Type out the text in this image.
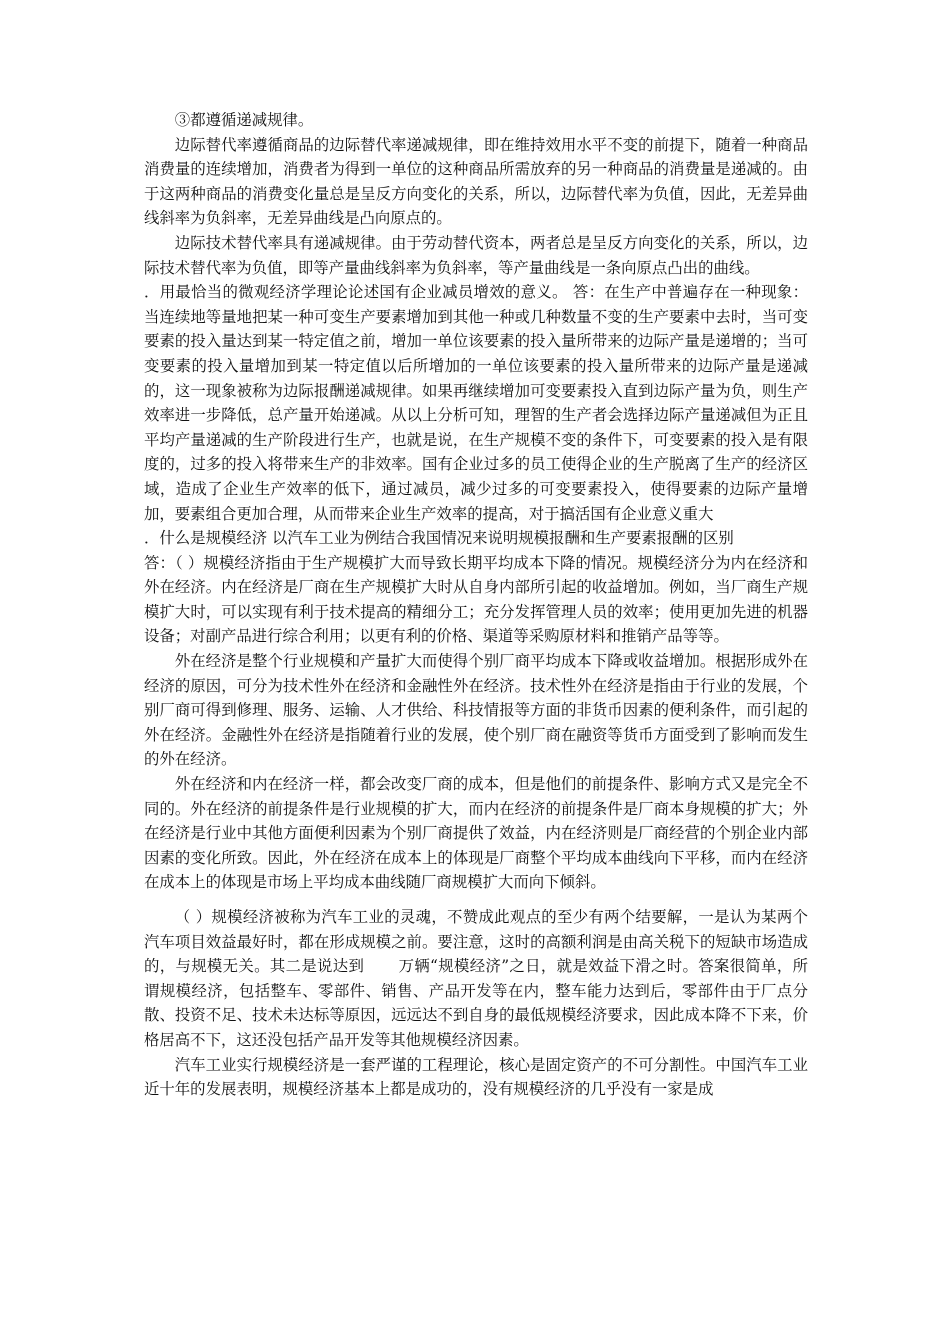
③都遵循递减规律。

边际替代率遵循商品的边际替代率递减规律，即在维持效用水平不变的前提下，随着一种商品消费量的连续增加，消费者为得到一单位的这种商品所需放弃的另一种商品的消费量是递减的。由于这两种商品的消费变化量总是呈反方向变化的关系，所以，边际替代率为负值，因此，无差异曲线斜率为负斜率，无差异曲线是凸向原点的。

边际技术替代率具有递减规律。由于劳动替代资本，两者总是呈反方向变化的关系，所以，边际技术替代率为负值，即等产量曲线斜率为负斜率，等产量曲线是一条向原点凸出的曲线。

．用最恰当的微观经济学理论论述国有企业减员增效的意义。 答：在生产中普遍存在一种现象：当连续地等量地把某一种可变生产要素增加到其他一种或几种数量不变的生产要素中去时，当可变要素的投入量达到某一特定值之前，增加一单位该要素的投入量所带来的边际产量是递增的；当可变要素的投入量增加到某一特定值以后所增加的一单位该要素的投入量所带来的边际产量是递减的，这一现象被称为边际报酬递减规律。如果再继续增加可变要素投入直到边际产量为负，则生产效率进一步降低，总产量开始递减。从以上分析可知，理智的生产者会选择边际产量递减但为正且平均产量递减的生产阶段进行生产，也就是说，在生产规模不变的条件下，可变要素的投入是有限度的，过多的投入将带来生产的非效率。国有企业过多的员工使得企业的生产脱离了生产的经济区域，造成了企业生产效率的低下，通过减员，减少过多的可变要素投入，使得要素的边际产量增加，要素组合更加合理，从而带来企业生产效率的提高，对于搞活国有企业意义重大

．什么是规模经济 以汽车工业为例结合我国情况来说明规模报酬和生产要素报酬的区别

答：（ ）规模经济指由于生产规模扩大而导致长期平均成本下降的情况。规模经济分为内在经济和外在经济。内在经济是厂商在生产规模扩大时从自身内部所引起的收益增加。例如，当厂商生产规模扩大时，可以实现有利于技术提高的精细分工；充分发挥管理人员的效率；使用更加先进的机器设备；对副产品进行综合利用；以更有利的价格、渠道等采购原材料和推销产品等等。

外在经济是整个行业规模和产量扩大而使得个别厂商平均成本下降或收益增加。根据形成外在经济的原因，可分为技术性外在经济和金融性外在经济。技术性外在经济是指由于行业的发展，个别厂商可得到修理、服务、运输、人才供给、科技情报等方面的非货币因素的便利条件，而引起的外在经济。金融性外在经济是指随着行业的发展，使个别厂商在融资等货币方面受到了影响而发生的外在经济。

外在经济和内在经济一样，都会改变厂商的成本，但是他们的前提条件、影响方式又是完全不同的。外在经济的前提条件是行业规模的扩大，而内在经济的前提条件是厂商本身规模的扩大；外在经济是行业中其他方面便利因素为个别厂商提供了效益，内在经济则是厂商经营的个别企业内部因素的变化所致。因此，外在经济在成本上的体现是厂商整个平均成本曲线向下平移，而内在经济在成本上的体现是市场上平均成本曲线随厂商规模扩大而向下倾斜。

（ ）规模经济被称为汽车工业的灵魂，不赞成此观点的至少有两个结要解，一是认为某两个汽车项目效益最好时，都在形成规模之前。要注意，这时的高额利润是由高关税下的短缺市场造成的，与规模无关。其二是说达到 万辆“规模经济”之日，就是效益下滑之时。答案很简单，所谓规模经济，包括整车、零部件、销售、产品开发等在内，整车能力达到后，零部件由于厂点分散、投资不足、技术未达标等原因，远远达不到自身的最低规模经济要求，因此成本降不下来，价格居高不下，这还没包括产品开发等其他规模经济因素。

汽车工业实行规模经济是一套严谨的工程理论，核心是固定资产的不可分割性。中国汽车工业近十年的发展表明，规模经济基本上都是成功的，没有规模经济的几乎没有一家是成
